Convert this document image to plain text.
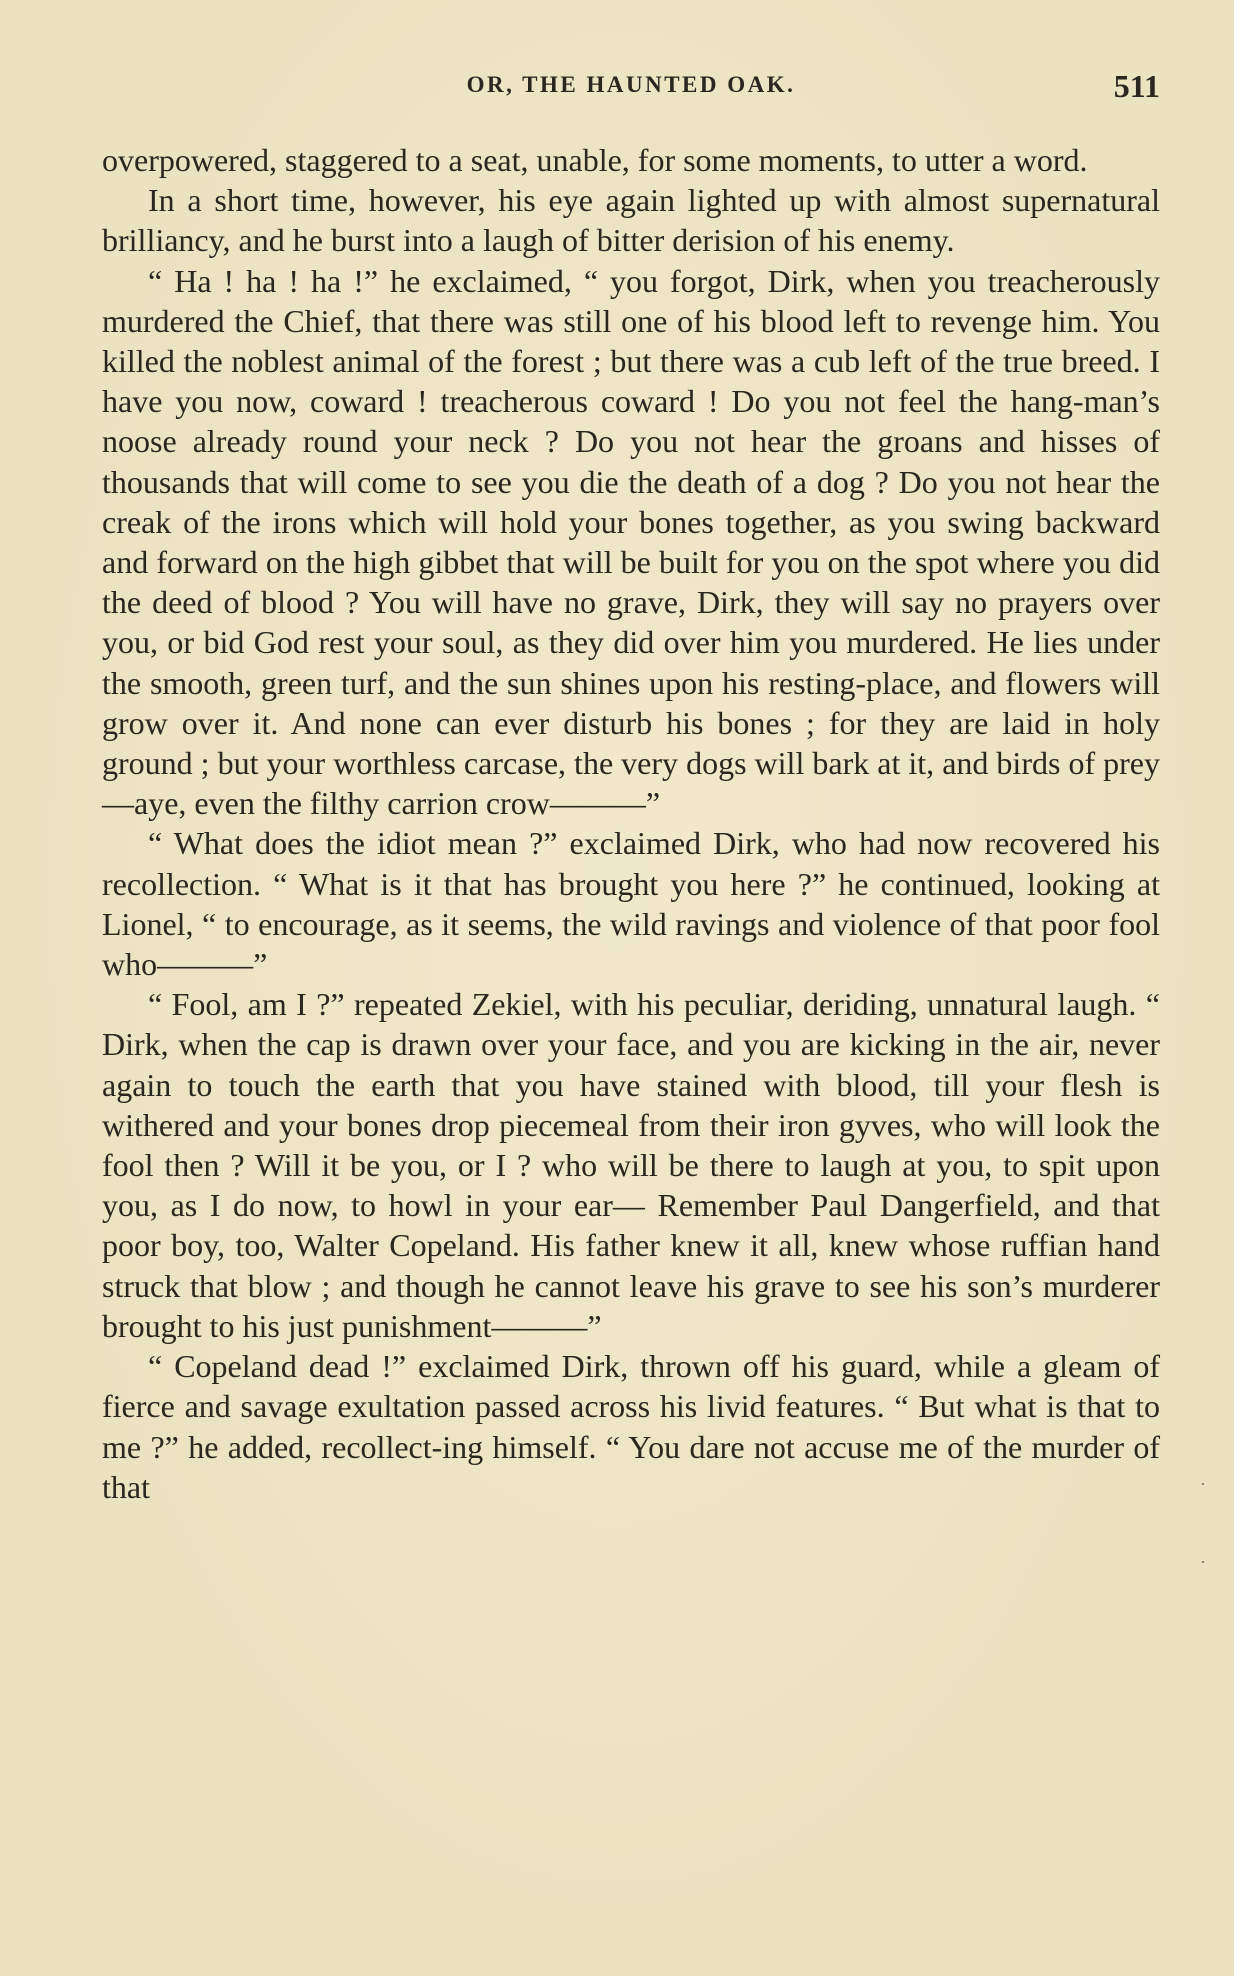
OR, THE HAUNTED OAK.	511

overpowered, staggered to a seat, unable, for some moments, to utter a word.

In a short time, however, his eye again lighted up with almost supernatural brilliancy, and he burst into a laugh of bitter derision of his enemy.

“ Ha ! ha ! ha !” he exclaimed, “ you forgot, Dirk, when you treacherously murdered the Chief, that there was still one of his blood left to revenge him. You killed the noblest animal of the forest ; but there was a cub left of the true breed. I have you now, coward ! treacherous coward ! Do you not feel the hang-man’s noose already round your neck ? Do you not hear the groans and hisses of thousands that will come to see you die the death of a dog ? Do you not hear the creak of the irons which will hold your bones together, as you swing backward and forward on the high gibbet that will be built for you on the spot where you did the deed of blood ? You will have no grave, Dirk, they will say no prayers over you, or bid God rest your soul, as they did over him you murdered. He lies under the smooth, green turf, and the sun shines upon his resting-place, and flowers will grow over it. And none can ever disturb his bones ; for they are laid in holy ground ; but your worthless carcase, the very dogs will bark at it, and birds of prey—aye, even the filthy carrion crow———”

“ What does the idiot mean ?” exclaimed Dirk, who had now recovered his recollection. “ What is it that has brought you here ?” he continued, looking at Lionel, “ to encourage, as it seems, the wild ravings and violence of that poor fool who———”

“ Fool, am I ?” repeated Zekiel, with his peculiar, deriding, unnatural laugh. “ Dirk, when the cap is drawn over your face, and you are kicking in the air, never again to touch the earth that you have stained with blood, till your flesh is withered and your bones drop piecemeal from their iron gyves, who will look the fool then ? Will it be you, or I ? who will be there to laugh at you, to spit upon you, as I do now, to howl in your ear— Remember Paul Dangerfield, and that poor boy, too, Walter Copeland. His father knew it all, knew whose ruffian hand struck that blow ; and though he cannot leave his grave to see his son’s murderer brought to his just punishment———”

“ Copeland dead !” exclaimed Dirk, thrown off his guard, while a gleam of fierce and savage exultation passed across his livid features. “ But what is that to me ?” he added, recollect-ing himself. “ You dare not accuse me of the murder of that	·
·
